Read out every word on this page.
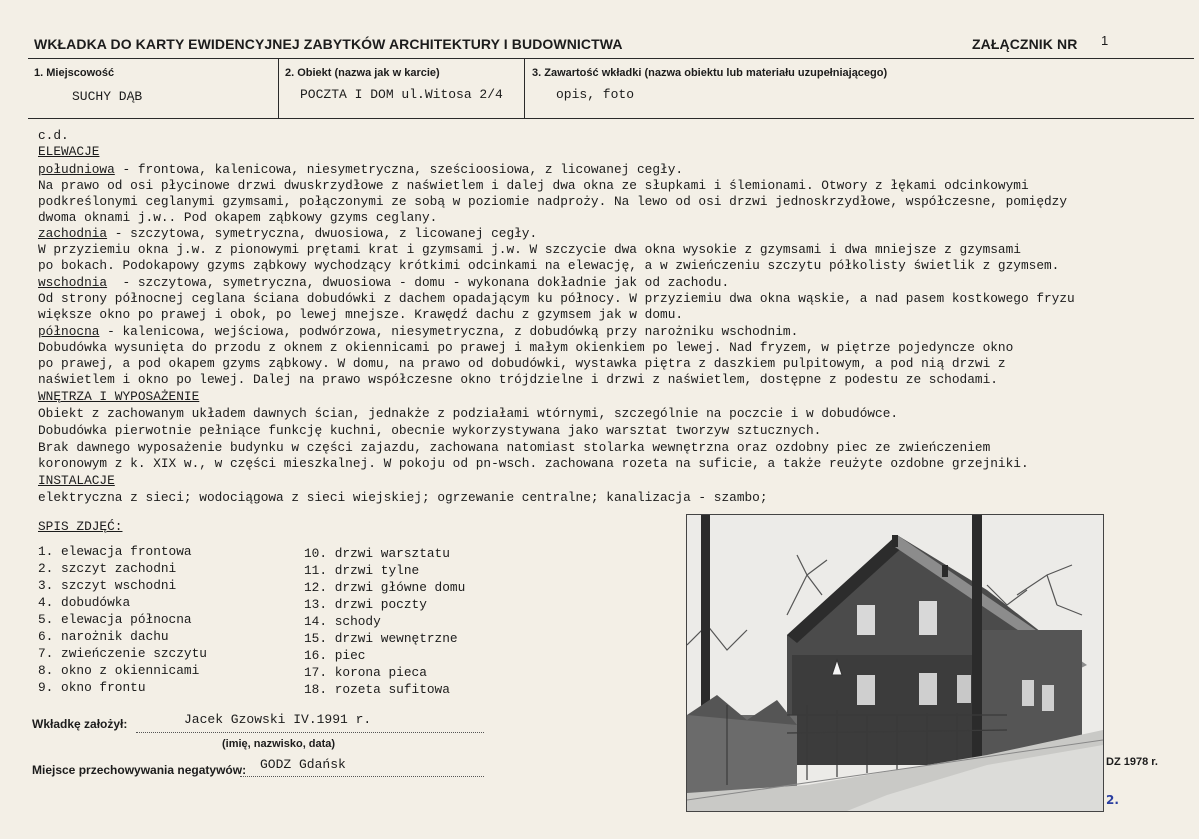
WKŁADKA DO KARTY EWIDENCYJNEJ ZABYTKÓW ARCHITEKTURY I BUDOWNICTWA	ZAŁĄCZNIK NR 1
1. Miejscowość
SUCHY DĄB
2. Obiekt (nazwa jak w karcie)
POCZTA I DOM ul.Witosa 2/4
3. Zawartość wkładki (nazwa obiektu lub materiału uzupełniającego)
opis, foto
c.d.
ELEWACJE
południowa - frontowa, kalenicowa, niesymetryczna, sześcioosiowa, z licowanej cegły.
Na prawo od osi płycinowe drzwi dwuskrzydłowe z naświetlem i dalej dwa okna ze słupkami i ślemionami. Otwory z łękami odcinkowymi
podkreślonymi ceglanymi gzymsami, połączonymi ze sobą w poziomie nadproży. Na lewo od osi drzwi jednoskrzydłowe, współczesne, pomiędzy
dwoma oknami j.w.. Pod okapem ząbkowy gzyms ceglany.
zachodnia - szczytowa, symetryczna, dwuosiowa, z licowanej cegły.
W przyziemiu okna j.w. z pionowymi prętami krat i gzymsami j.w. W szczycie dwa okna wysokie z gzymsami i dwa mniejsze z gzymsami
po bokach. Podokapowy gzyms ząbkowy wychodzący krótkimi odcinkami na elewację, a w zwieńczeniu szczytu półkolisty świetlik z gzymsem.
wschodnia  - szczytowa, symetryczna, dwuosiowa - domu - wykonana dokładnie jak od zachodu.
Od strony północnej ceglana ściana dobudówki z dachem opadającym ku północy. W przyziemiu dwa okna wąskie, a nad pasem kostkowego fryzu
większe okno po prawej i obok, po lewej mnejsze. Krawędź dachu z gzymsem jak w domu.
północna - kalenicowa, wejściowa, podwórzowa, niesymetryczna, z dobudówką przy narożniku wschodnim.
Dobudówka wysunięta do przodu z oknem z okiennicami po prawej i małym okienkiem po lewej. Nad fryzem, w piętrze pojedyncze okno
po prawej, a pod okapem gzyms ząbkowy. W domu, na prawo od dobudówki, wystawka piętra z daszkiem pulpitowym, a pod nią drzwi z
naświetlem i okno po lewej. Dalej na prawo współczesne okno trójdzielne i drzwi z naświetlem, dostępne z podestu ze schodami.
WNĘTRZA I WYPOSAŻENIE
Obiekt z zachowanym układem dawnych ścian, jednakże z podziałami wtórnymi, szczególnie na poczcie i w dobudówce.
Dobudówka pierwotnie pełniące funkcję kuchni, obecnie wykorzystywana jako warsztat tworzyw sztucznych.
Brak dawnego wyposażenie budynku w części zajazdu, zachowana natomiast stolarka wewnętrzna oraz ozdobny piec ze zwieńczeniem
koronowym z k. XIX w., w części mieszkalnej. W pokoju od pn-wsch. zachowana rozeta na suficie, a także reużyte ozdobne grzejniki.
INSTALACJE
elektryczna z sieci; wodociągowa z sieci wiejskiej; ogrzewanie centralne; kanalizacja - szambo;
SPIS ZDJĘĆ:
1. elewacja frontowa
2. szczyt zachodni
3. szczyt wschodni
4. dobudówka
5. elewacja północna
6. narożnik dachu
7. zwieńczenie szczytu
8. okno z okiennicami
9. okno frontu
10. drzwi warsztatu
11. drzwi tylne
12. drzwi główne domu
13. drzwi poczty
14. schody
15. drzwi wewnętrzne
16. piec
17. korona pieca
18. rozeta sufitowa
Wkładkę założył:	Jacek Gzowski IV.1991 r.
(imię, nazwisko, data)
Miejsce przechowywania negatywów: GODZ Gdańsk	DZ 1978 r.
2.
